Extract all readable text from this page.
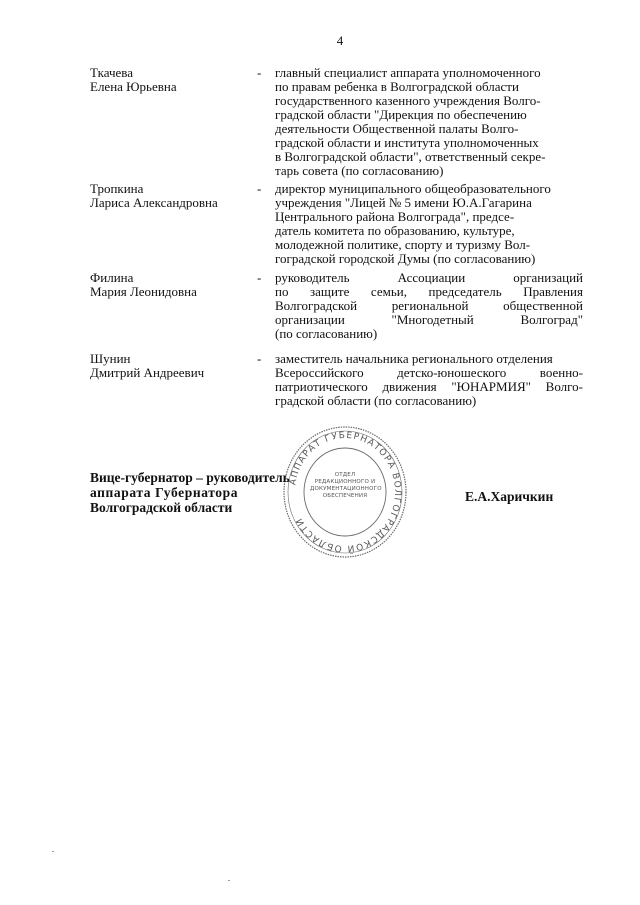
4
Ткачева
Елена Юрьевна
- главный специалист аппарата уполномоченного
по правам ребенка в Волгоградской области
государственного казенного учреждения Волго-
градской области "Дирекция по обеспечению
деятельности Общественной палаты Волго-
градской области и института уполномоченных
в Волгоградской области", ответственный секре-
тарь совета (по согласованию)
Тропкина
Лариса Александровна
- директор муниципального общеобразовательного
учреждения "Лицей № 5 имени Ю.А.Гагарина
Центрального района Волгограда", предсе-
датель комитета по образованию, культуре,
молодежной политике, спорту и туризму Вол-
гоградской городской Думы (по согласованию)
Филина
Мария Леонидовна
- руководитель Ассоциации организаций
по защите семьи, председатель Правления
Волгоградской региональной общественной
организации "Многодетный Волгоград"
(по согласованию)
Шунин
Дмитрий Андреевич
- заместитель начальника регионального отделения
Всероссийского детско-юношеского военно-
патриотического движения "ЮНАРМИЯ" Волго-
градской области (по согласованию)
АППАРАТ ГУБЕРНАТОРА ВОЛГОГРАДСКОЙ ОБЛАСТИ
ОТДЕЛ
РЕДАКЦИОННОГО И
ДОКУМЕНТАЦИОННОГО
ОБЕСПЕЧЕНИЯ
Вице-губернатор – руководитель
аппарата Губернатора
Волгоградской области
Е.А.Харичкин
